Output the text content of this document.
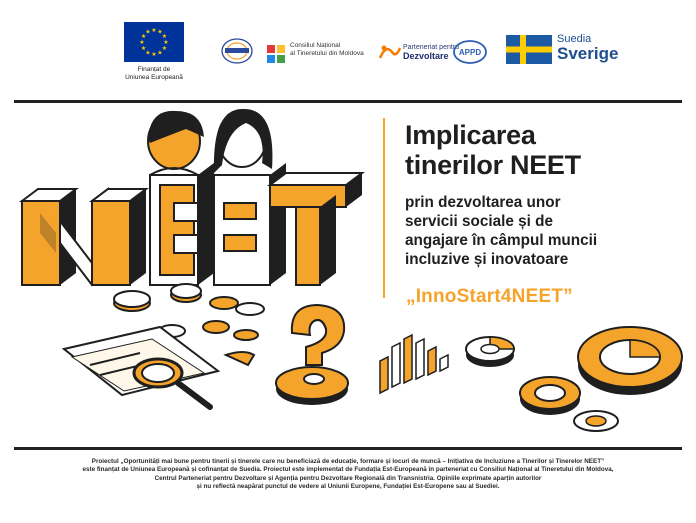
★ ★
★
★
★
★
★
★
★
★
★
★
Finanțat de
Uniunea Europeană
Consiliul Național
al Tineretului din Moldova
Parteneriat pentru
Dezvoltare	APPD
Suedia
Sverige
Implicarea
tinerilor NEET
prin dezvoltarea unor
servicii sociale și de
angajare în câmpul muncii
incluzive și inovatoare
„InnoStart4NEET”
Proiectul „Oportunități mai bune pentru tinerii și tinerele care nu beneficiază de educație, formare și locuri de muncă – Inițiativa de Incluziune a Tinerilor și Tinerelor NEET”
este finanțat de Uniunea Europeană și cofinanțat de Suedia. Proiectul este implementat de Fundația Est-Europeană în parteneriat cu Consiliul Național al Tineretului din Moldova,
Centrul Parteneriat pentru Dezvoltare și Agenția pentru Dezvoltare Regională din Transnistria. Opiniile exprimate aparțin autorilor
și nu reflectă neapărat punctul de vedere al Uniunii Europene, Fundației Est-Europene sau al Suediei.
